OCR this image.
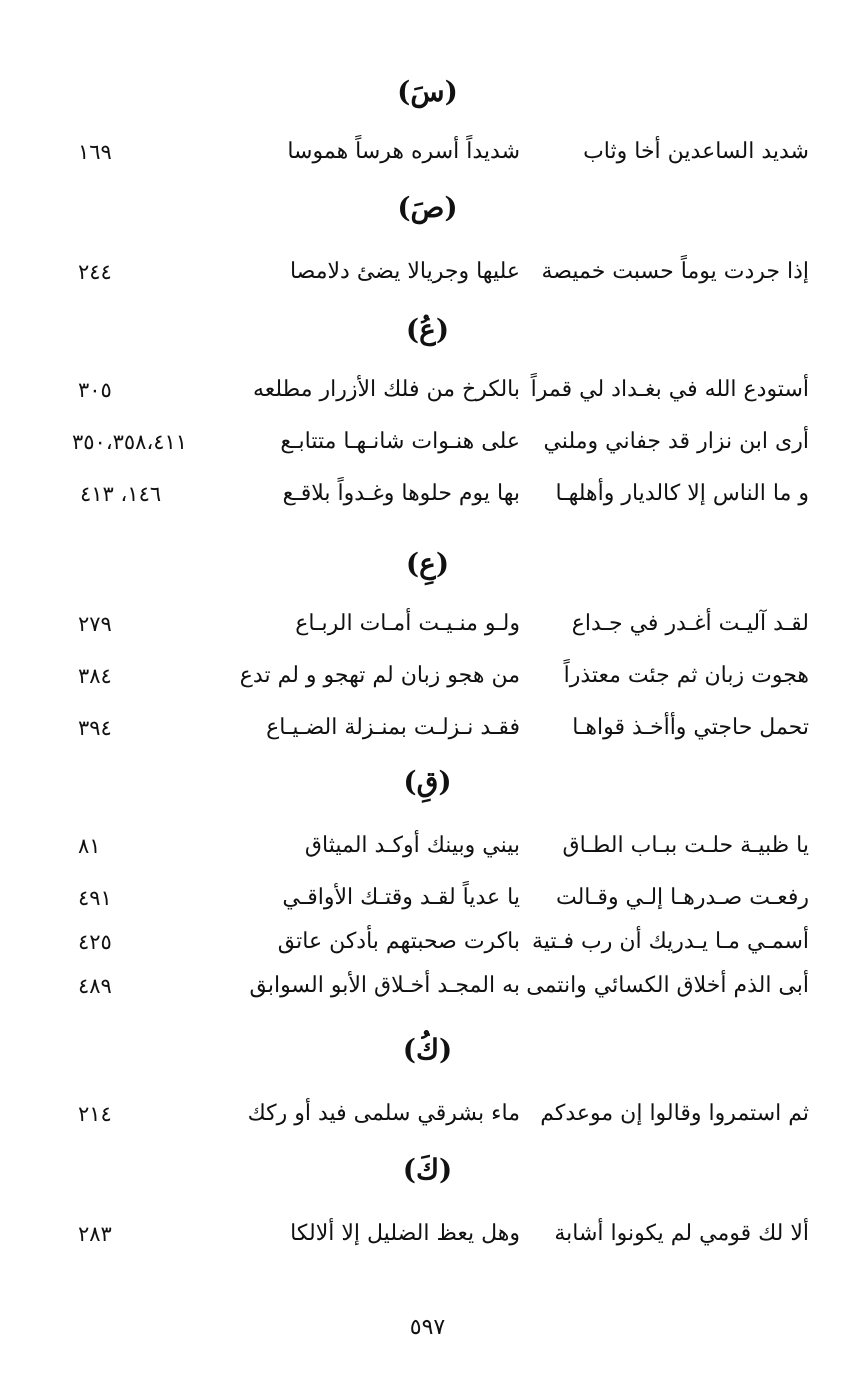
(سَ)
شديد الساعدين أخا وثاب
شديداً أسره هرساً هموسا
١٦٩
(صَ)
إذا جردت يوماً حسبت خميصة
عليها وجريالا يضئ دلامصا
٢٤٤
(عُ)
أستودع الله في بغـداد لي قمراً
بالكرخ من فلك الأزرار مطلعه
٣٠٥
أرى ابن نزار قد جفاني وملني
على هنـوات شانـهـا متتابـع
٣٥٠،٣٥٨،٤١١
و ما الناس إلا كالديار وأهلهـا
بها يوم حلوها وغـدواً بلاقـع
١٤٦، ٤١٣
(عِ)
لقـد آليـت أغـدر في جـداع
ولـو منـيـت أمـات الربـاع
٢٧٩
هجوت زبان ثم جئت معتذراً
من هجو زبان لم تهجو و لم تدع
٣٨٤
تحمل حاجتي وأأخـذ قواهـا
فقـد نـزلـت بمنـزلة الضـيـاع
٣٩٤
(قِ)
يا ظبيـة حلـت ببـاب الطـاق
بيني وبينك أوكـد الميثاق
٨١
رفعـت صـدرهـا إلـي وقـالت
يا عدياً لقـد وقتـك الأواقـي
٤٩١
أسمـي مـا يـدريك أن رب فـتية
باكرت صحبتهم بأدكن عاتق
٤٢٥
أبى الذم أخلاق الكسائي وانتمى
به المجـد أخـلاق الأبو السوابق
٤٨٩
(كُ)
ثم استمروا وقالوا إن موعدكم
ماء بشرقي سلمى فيد أو ركك
٢١٤
(كَ)
ألا لك قومي لم يكونوا أشابة
وهل يعظ الضليل إلا ألالكا
٢٨٣
٥٩٧
